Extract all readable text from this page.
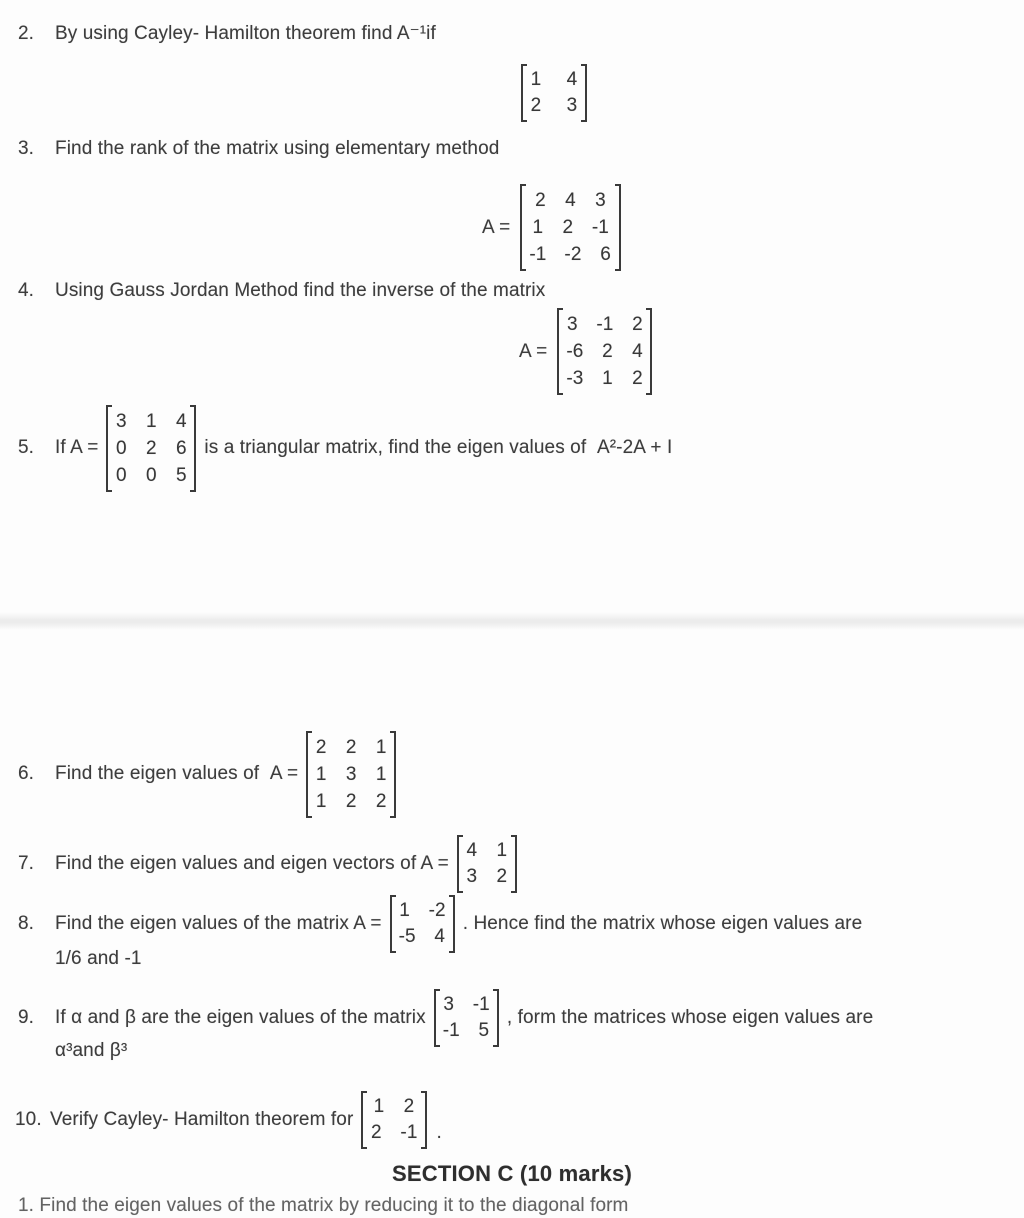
2.	By using Cayley- Hamilton theorem find A⁻¹if
1 4
2 3
3.	Find the rank of the matrix using elementary method
A =
2 4 3
1 2 -1
-1 -2 6
4.	Using Gauss Jordan Method find the inverse of the matrix
A =
3 -1 2
-6 2 4
-3 1 2
5.	If A =
3 1 4
0 2 6
0 0 5
is a triangular matrix, find the eigen values of  A²-2A + I
6.	Find the eigen values of  A =
2 2 1
1 3 1
1 2 2
7.	Find the eigen values and eigen vectors of A =
4 1
3 2
8.	Find the eigen values of the matrix A =
1 -2
-5 4
. Hence find the matrix whose eigen values are
1/6 and -1
9.	If α and β are the eigen values of the matrix
3 -1
-1 5
, form the matrices whose eigen values are
α³and β³
10. Verify Cayley- Hamilton theorem for
1 2
2 -1 .
SECTION C (10 marks)
1. Find the eigen values of the matrix by reducing it to the diagonal form
